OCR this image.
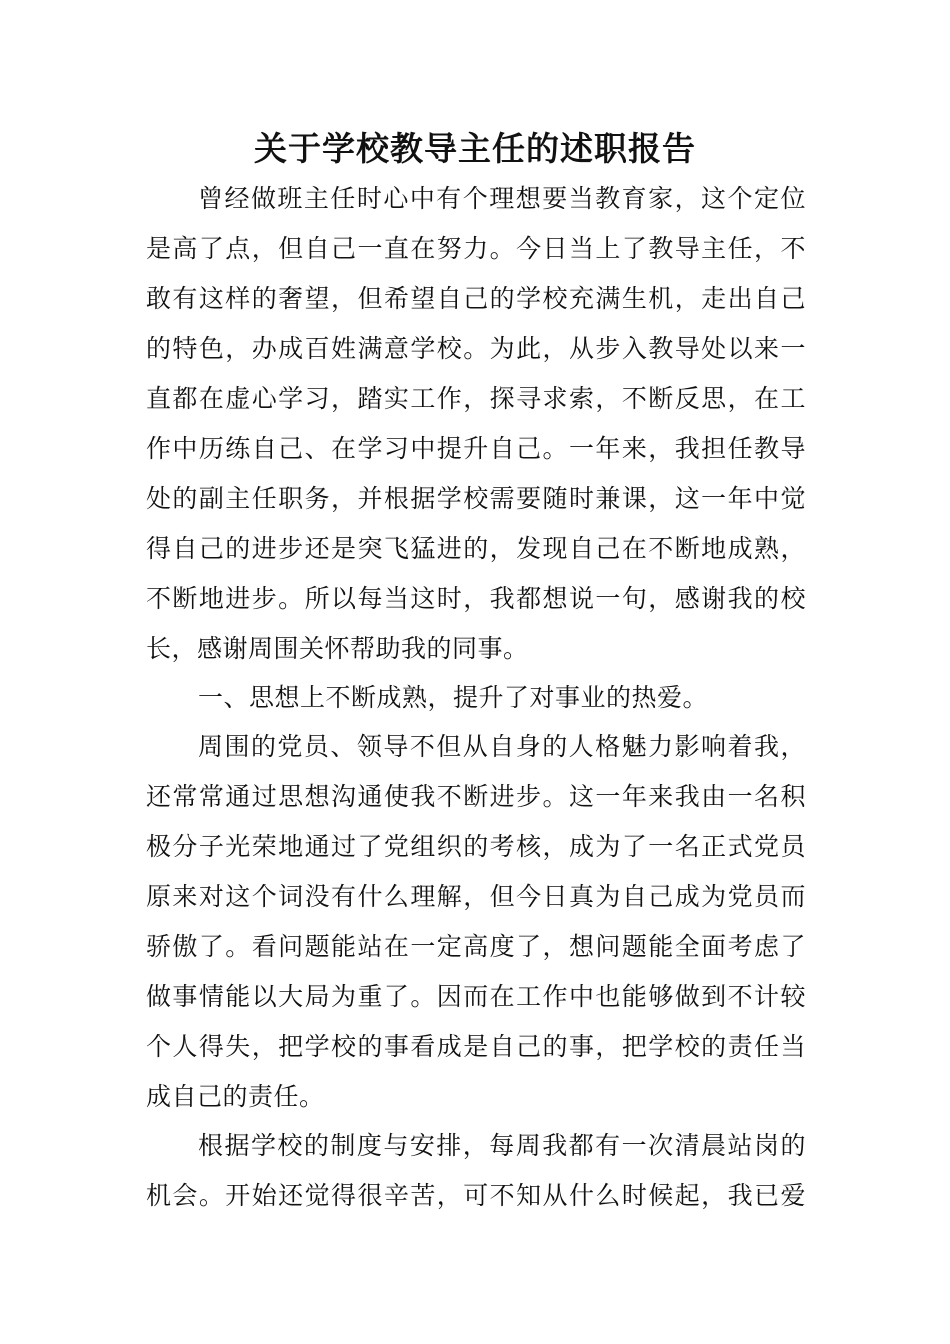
关于学校教导主任的述职报告
曾经做班主任时心中有个理想要当教育家，这个定位
是高了点，但自己一直在努力。今日当上了教导主任，不
敢有这样的奢望，但希望自己的学校充满生机，走出自己
的特色，办成百姓满意学校。为此，从步入教导处以来一
直都在虚心学习，踏实工作，探寻求索，不断反思，在工
作中历练自己、在学习中提升自己。一年来，我担任教导
处的副主任职务，并根据学校需要随时兼课，这一年中觉
得自己的进步还是突飞猛进的，发现自己在不断地成熟，
不断地进步。所以每当这时，我都想说一句，感谢我的校
长，感谢周围关怀帮助我的同事。
一、思想上不断成熟，提升了对事业的热爱。
周围的党员、领导不但从自身的人格魅力影响着我，
还常常通过思想沟通使我不断进步。这一年来我由一名积
极分子光荣地通过了党组织的考核，成为了一名正式党员
原来对这个词没有什么理解，但今日真为自己成为党员而
骄傲了。看问题能站在一定高度了，想问题能全面考虑了
做事情能以大局为重了。因而在工作中也能够做到不计较
个人得失，把学校的事看成是自己的事，把学校的责任当
成自己的责任。
根据学校的制度与安排，每周我都有一次清晨站岗的
机会。开始还觉得很辛苦，可不知从什么时候起，我已爱
